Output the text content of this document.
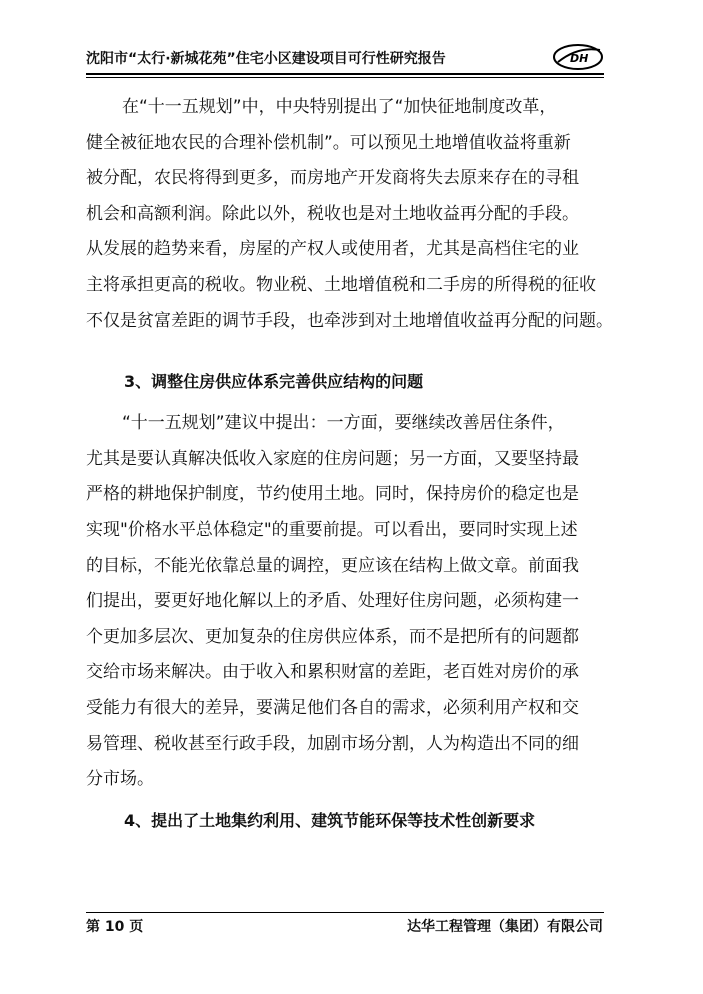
沈阳市“太行·新城花苑”住宅小区建设项目可行性研究报告	DH

在“十一五规划”中，中央特别提出了“加快征地制度改革，
健全被征地农民的合理补偿机制”。可以预见土地增值收益将重新
被分配，农民将得到更多，而房地产开发商将失去原来存在的寻租
机会和高额利润。除此以外，税收也是对土地收益再分配的手段。
从发展的趋势来看，房屋的产权人或使用者，尤其是高档住宅的业
主将承担更高的税收。物业税、土地增值税和二手房的所得税的征收
不仅是贫富差距的调节手段，也牵涉到对土地增值收益再分配的问题。

3、调整住房供应体系完善供应结构的问题

“十一五规划”建议中提出：一方面，要继续改善居住条件，
尤其是要认真解决低收入家庭的住房问题；另一方面，又要坚持最
严格的耕地保护制度，节约使用土地。同时，保持房价的稳定也是
实现"价格水平总体稳定"的重要前提。可以看出，要同时实现上述
的目标，不能光依靠总量的调控，更应该在结构上做文章。前面我
们提出，要更好地化解以上的矛盾、处理好住房问题，必须构建一
个更加多层次、更加复杂的住房供应体系，而不是把所有的问题都
交给市场来解决。由于收入和累积财富的差距，老百姓对房价的承
受能力有很大的差异，要满足他们各自的需求，必须利用产权和交
易管理、税收甚至行政手段，加剧市场分割，人为构造出不同的细
分市场。

4、提出了土地集约利用、建筑节能环保等技术性创新要求

第 10 页	达华工程管理（集团）有限公司
